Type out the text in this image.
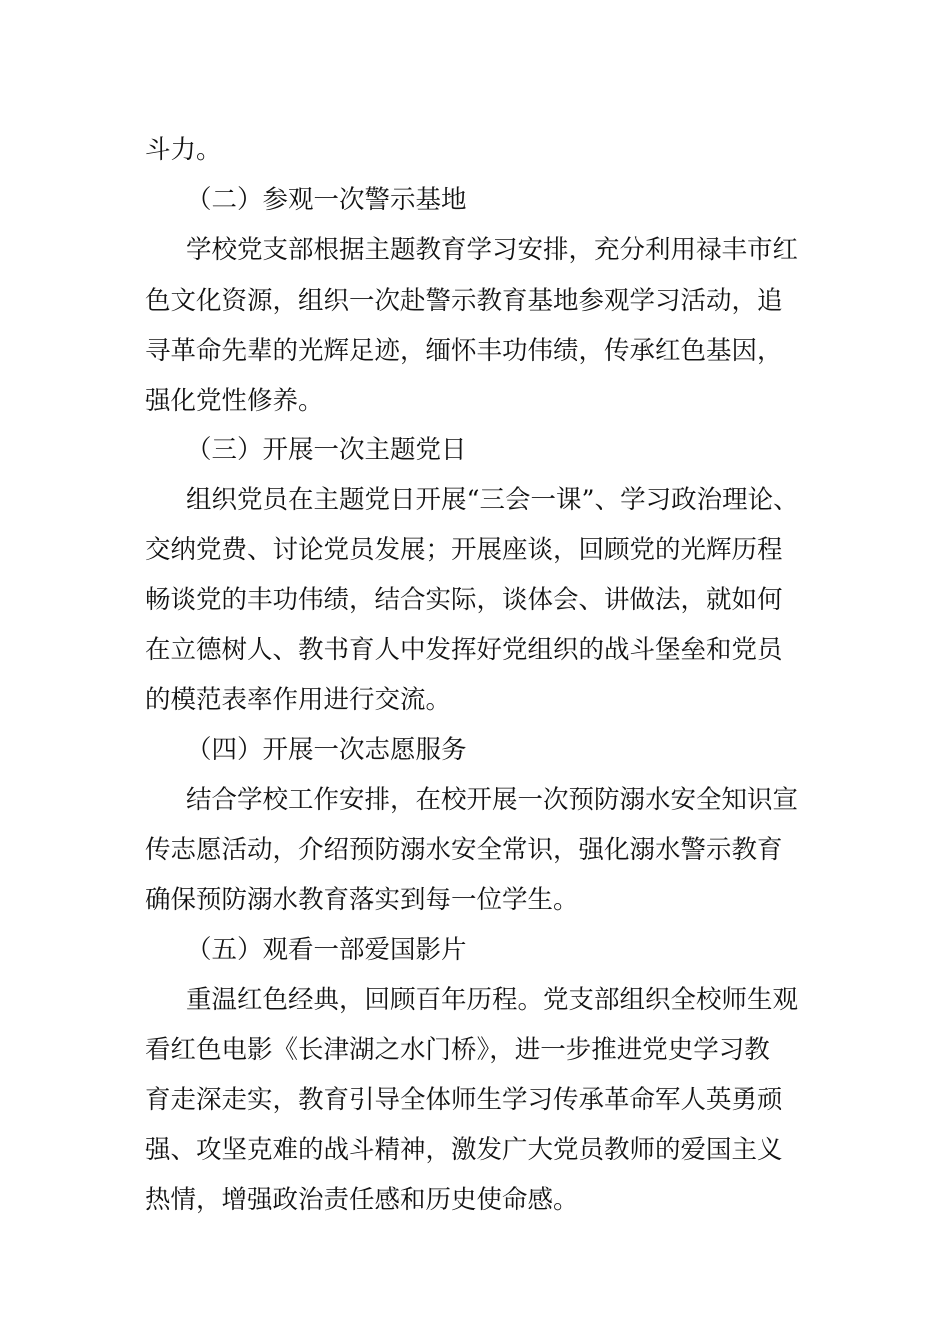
斗力。
（二）参观一次警示基地
学校党支部根据主题教育学习安排，充分利用禄丰市红
色文化资源，组织一次赴警示教育基地参观学习活动，追
寻革命先辈的光辉足迹，缅怀丰功伟绩，传承红色基因，
强化党性修养。
（三）开展一次主题党日
组织党员在主题党日开展“三会一课”、学习政治理论、
交纳党费、讨论党员发展；开展座谈，回顾党的光辉历程
畅谈党的丰功伟绩，结合实际，谈体会、讲做法，就如何
在立德树人、教书育人中发挥好党组织的战斗堡垒和党员
的模范表率作用进行交流。
（四）开展一次志愿服务
结合学校工作安排，在校开展一次预防溺水安全知识宣
传志愿活动，介绍预防溺水安全常识，强化溺水警示教育
确保预防溺水教育落实到每一位学生。
（五）观看一部爱国影片
重温红色经典，回顾百年历程。党支部组织全校师生观
看红色电影《长津湖之水门桥》，进一步推进党史学习教
育走深走实，教育引导全体师生学习传承革命军人英勇顽
强、攻坚克难的战斗精神，激发广大党员教师的爱国主义
热情，增强政治责任感和历史使命感。
